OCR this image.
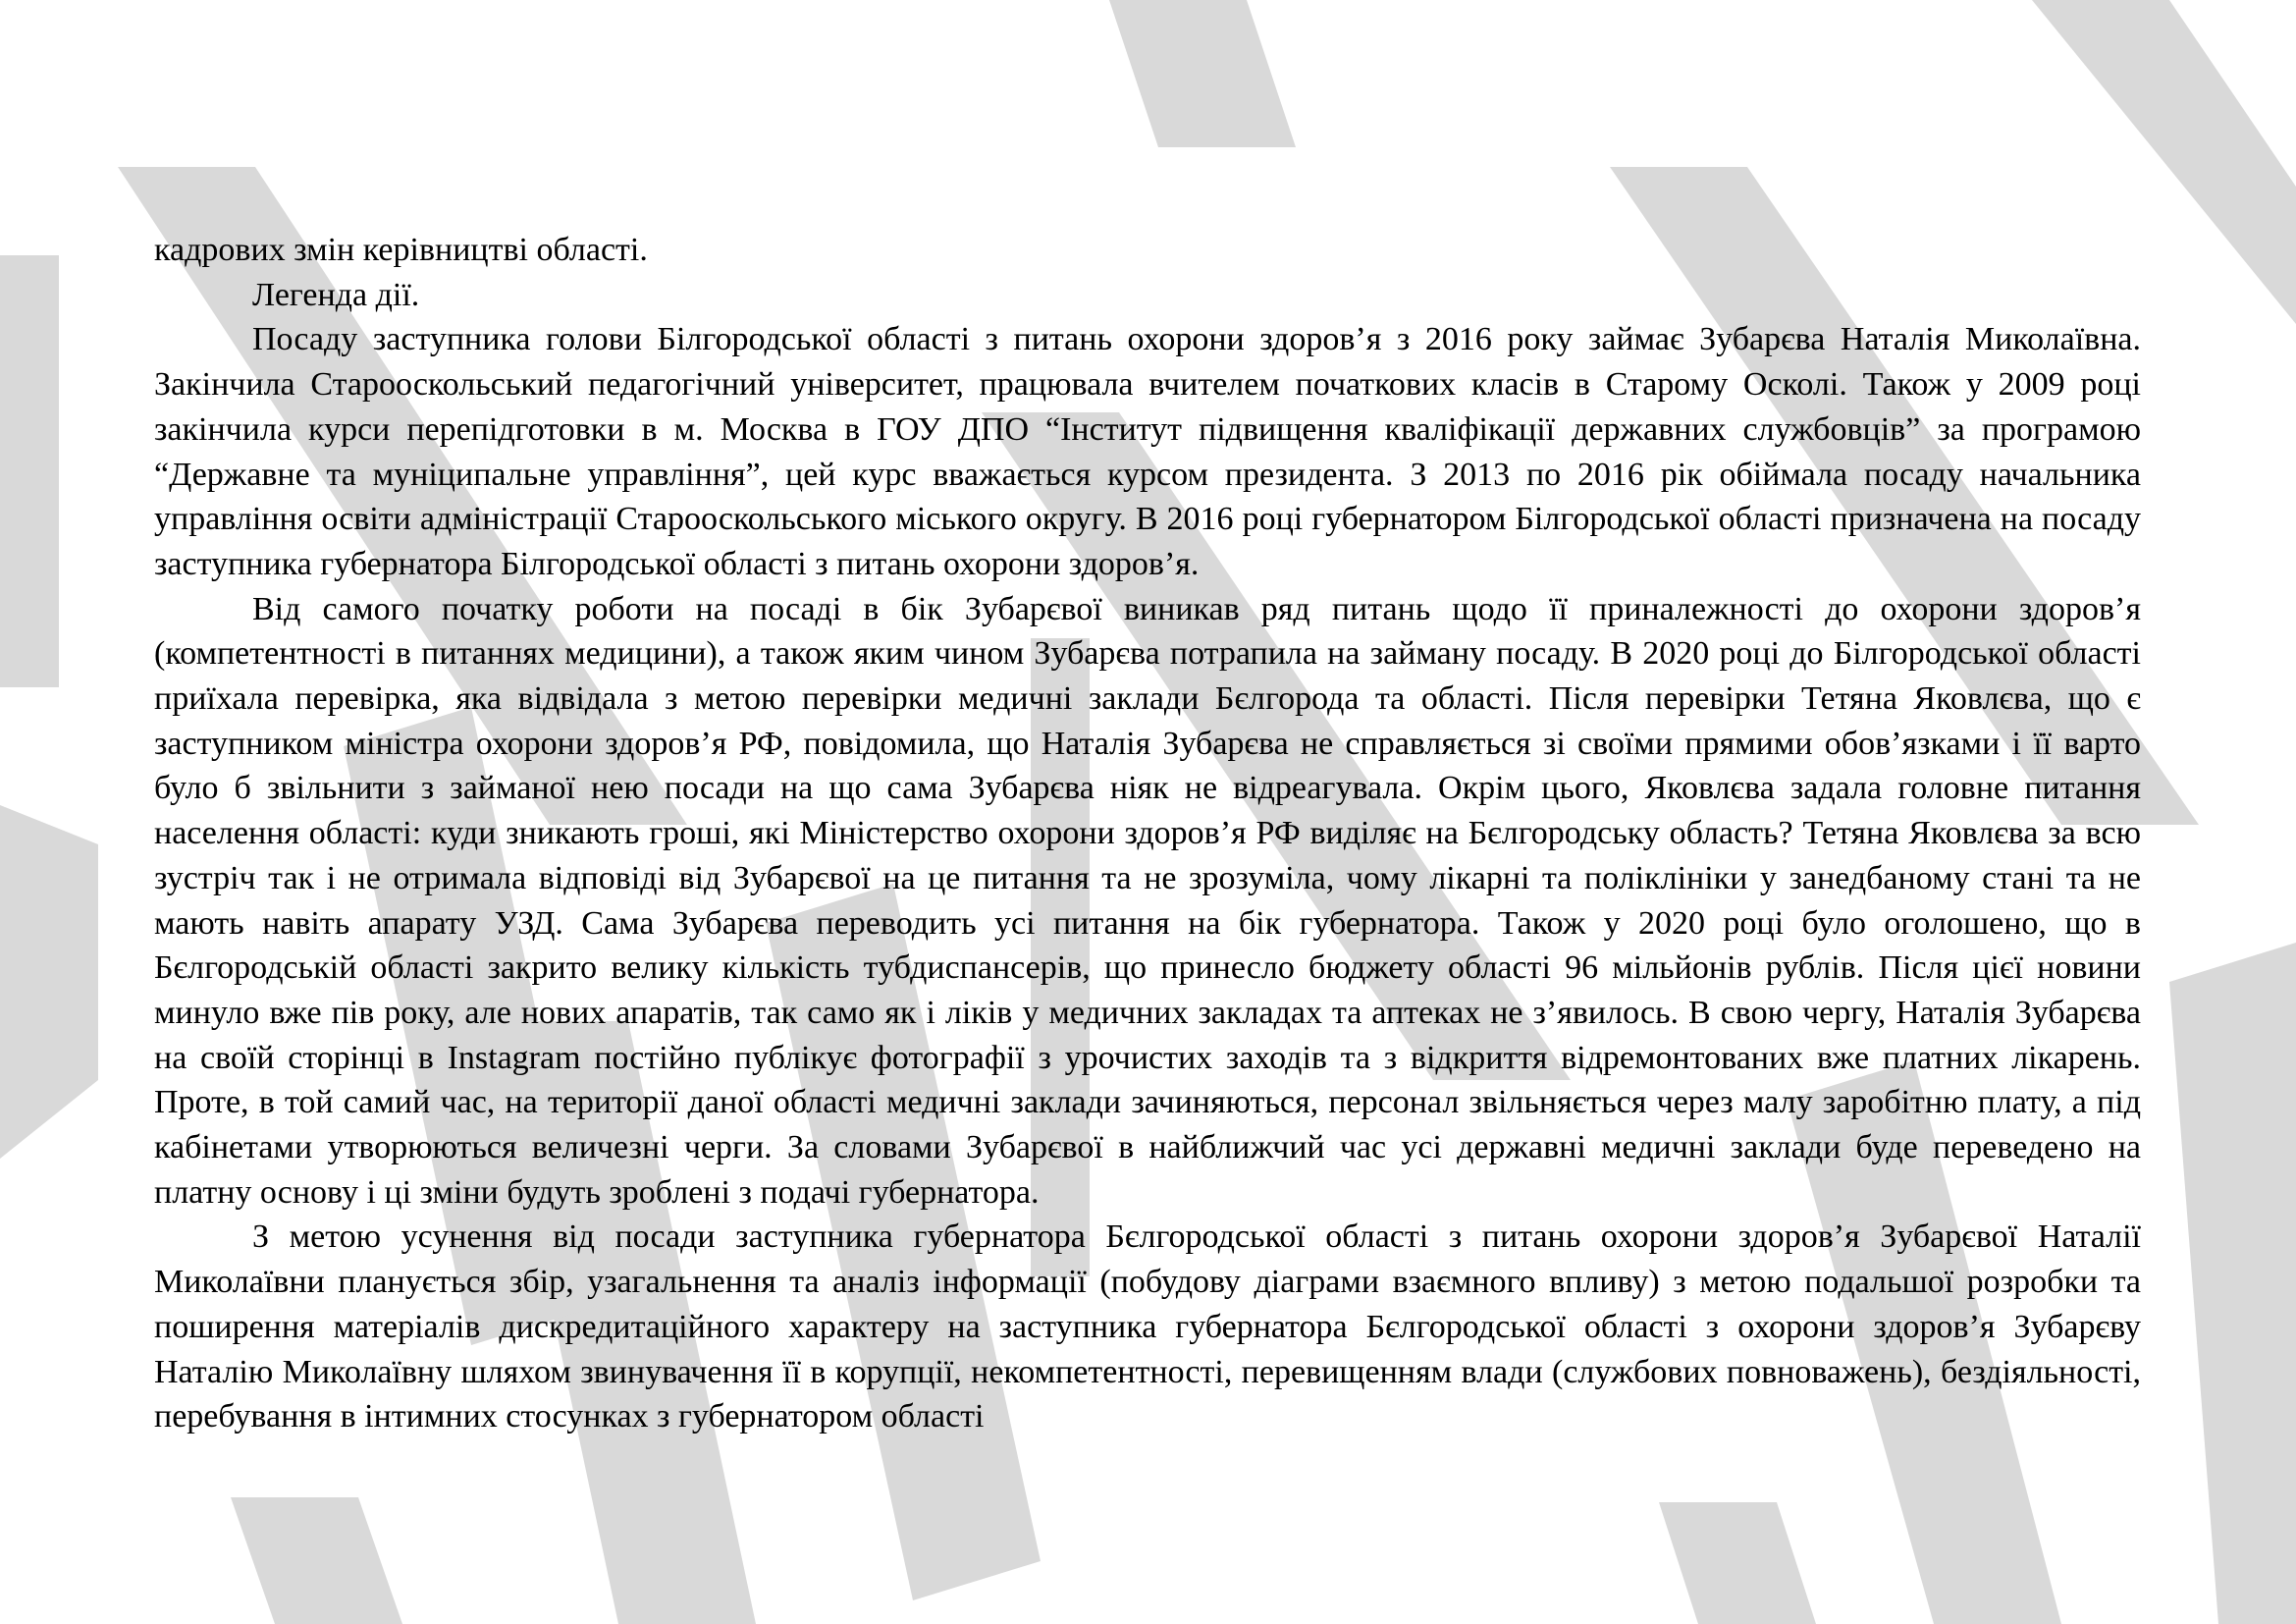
кадрових змін керівництві області.

Легенда дії.

Посаду заступника голови Білгородської області з питань охорони здоров’я з 2016 року займає Зубарєва Наталія Миколаївна. Закінчила Старооскольський педагогічний університет, працювала вчителем початкових класів в Старому Осколі. Також у 2009 році закінчила курси перепідготовки в м. Москва в ГОУ ДПО “Інститут підвищення кваліфікації державних службовців” за програмою “Державне та муніципальне управління”, цей курс вважається курсом президента. З 2013 по 2016 рік обіймала посаду начальника управління освіти адміністрації Старооскольського міського округу. В 2016 році губернатором Білгородської області призначена на посаду заступника губернатора Білгородської області з питань охорони здоров’я.

Від самого початку роботи на посаді в бік Зубарєвої виникав ряд питань щодо її приналежності до охорони здоров’я (компетентності в питаннях медицини), а також яким чином Зубарєва потрапила на займану посаду. В 2020 році до Білгородської області приїхала перевірка, яка відвідала з метою перевірки медичні заклади Бєлгорода та області. Після перевірки Тетяна Яковлєва, що є заступником міністра охорони здоров’я РФ, повідомила, що Наталія Зубарєва не справляється зі своїми прямими обов’язками і її варто було б звільнити з займаної нею посади на що сама Зубарєва ніяк не відреагувала. Окрім цього, Яковлєва задала головне питання населення області: куди зникають гроші, які Міністерство охорони здоров’я РФ виділяє на Бєлгородську область? Тетяна Яковлєва за всю зустріч так і не отримала відповіді від Зубарєвої на це питання та не зрозуміла, чому лікарні та поліклініки у занедбаному стані та не мають навіть апарату УЗД. Сама Зубарєва переводить усі питання на бік губернатора. Також у 2020 році було оголошено, що в Бєлгородській області закрито велику кількість тубдиспансерів, що принесло бюджету області 96 мільйонів рублів. Після цієї новини минуло вже пів року, але нових апаратів, так само як і ліків у медичних закладах та аптеках не з’явилось. В свою чергу, Наталія Зубарєва на своїй сторінці в Instagram постійно публікує фотографії з урочистих заходів та з відкриття відремонтованих вже платних лікарень. Проте, в той самий час, на території даної області медичні заклади зачиняються, персонал звільняється через малу заробітню плату, а під кабінетами утворюються величезні черги. За словами Зубарєвої в найближчий час усі державні медичні заклади буде переведено на платну основу і ці зміни будуть зроблені з подачі губернатора.

З метою усунення від посади заступника губернатора Бєлгородської області з питань охорони здоров’я Зубарєвої Наталії Миколаївни планується збір, узагальнення та аналіз інформації (побудову діаграми взаємного впливу) з метою подальшої розробки та поширення матеріалів дискредитаційного характеру на заступника губернатора Бєлгородської області з охорони здоров’я Зубарєву Наталію Миколаївну шляхом звинувачення її в корупції, некомпетентності, перевищенням влади (службових повноважень), бездіяльності, перебування в інтимних стосунках з губернатором області
